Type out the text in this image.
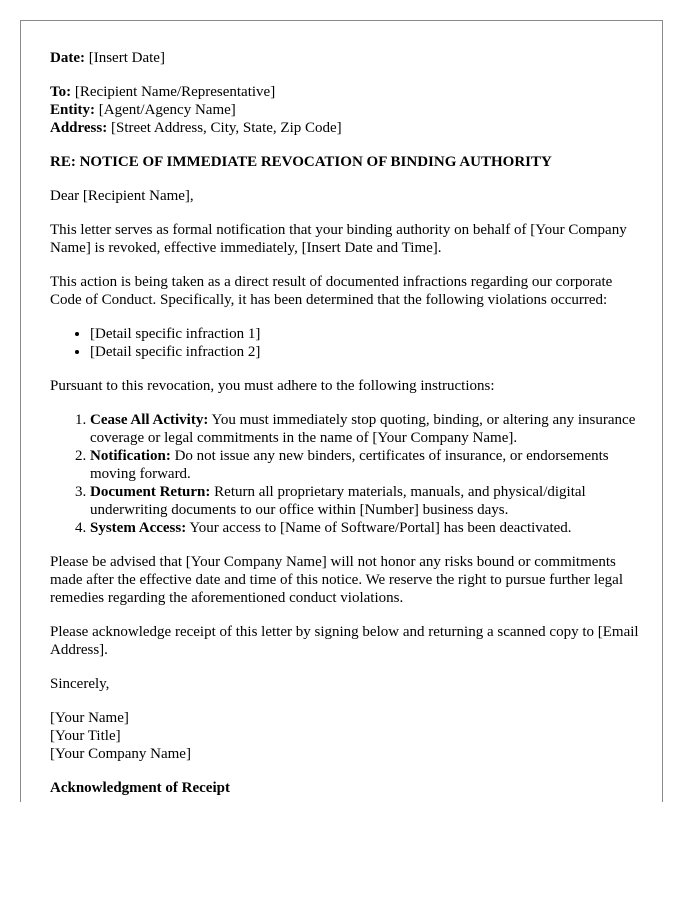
Date: [Insert Date]

To: [Recipient Name/Representative]

Entity: [Agent/Agency Name]

Address: [Street Address, City, State, Zip Code]

RE: NOTICE OF IMMEDIATE REVOCATION OF BINDING AUTHORITY

Dear [Recipient Name],

This letter serves as formal notification that your binding authority on behalf of [Your Company Name] is revoked, effective immediately, [Insert Date and Time].

This action is being taken as a direct result of documented infractions regarding our corporate Code of Conduct. Specifically, it has been determined that the following violations occurred:

• [Detail specific infraction 1]
• [Detail specific infraction 2]

Pursuant to this revocation, you must adhere to the following instructions:

1. Cease All Activity: You must immediately stop quoting, binding, or altering any insurance coverage or legal commitments in the name of [Your Company Name].
2. Notification: Do not issue any new binders, certificates of insurance, or endorsements moving forward.
3. Document Return: Return all proprietary materials, manuals, and physical/digital underwriting documents to our office within [Number] business days.
4. System Access: Your access to [Name of Software/Portal] has been deactivated.

Please be advised that [Your Company Name] will not honor any risks bound or commitments made after the effective date and time of this notice. We reserve the right to pursue further legal remedies regarding the aforementioned conduct violations.

Please acknowledge receipt of this letter by signing below and returning a scanned copy to [Email Address].

Sincerely,

[Your Name]

[Your Title]

[Your Company Name]

Acknowledgment of Receipt
